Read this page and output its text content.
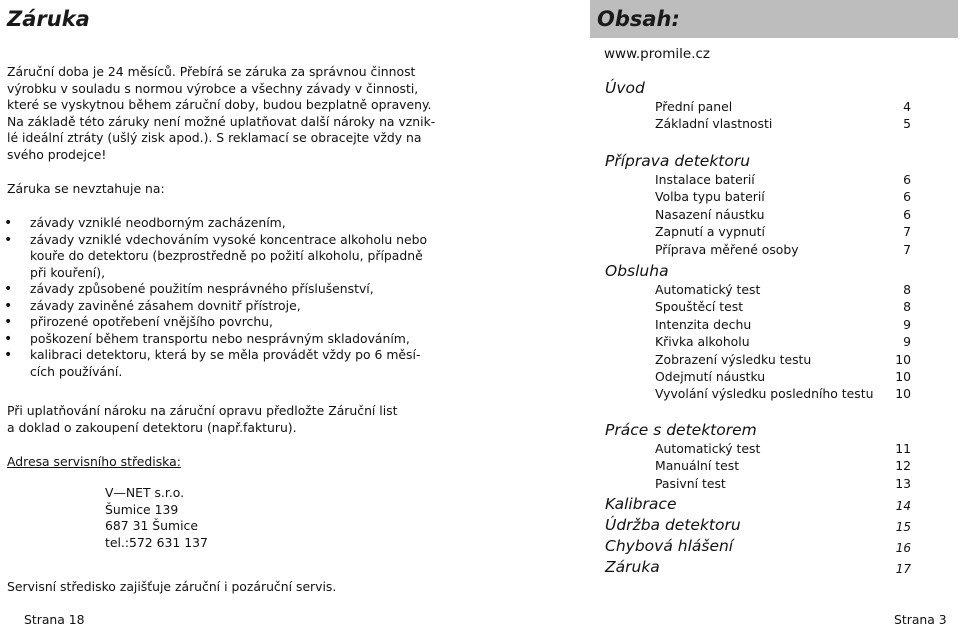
Záruka
Záruční doba je 24 měsíců. Přebírá se záruka za správnou činnost
výrobku v souladu s normou výrobce a všechny závady v činnosti,
které se vyskytnou během záruční doby, budou bezplatně opraveny.
Na základě této záruky není možné uplatňovat další nároky na vznik-
lé ideální ztráty (ušlý zisk apod.). S reklamací se obracejte vždy na
svého prodejce!
Záruka se nevztahuje na:
• závady vzniklé neodborným zacházením,
• závady vzniklé vdechováním vysoké koncentrace alkoholu nebo
kouře do detektoru (bezprostředně po požití alkoholu, případně
při kouření),
• závady způsobené použitím nesprávného příslušenství,
• závady zaviněné zásahem dovnitř přístroje,
• přirozené opotřebení vnějšího povrchu,
• poškození během transportu nebo nesprávným skladováním,
• kalibraci detektoru, která by se měla provádět vždy po 6 měsí-
cích používání.
Při uplatňování nároku na záruční opravu předložte Záruční list
a doklad o zakoupení detektoru (např.fakturu).
Adresa servisního střediska:
V—NET s.r.o.
Šumice 139
687 31 Šumice
tel.:572 631 137
Servisní středisko zajišťuje záruční i pozáruční servis.
Strana 18
Obsah:
www.promile.cz
Úvod
Přední panel	4
Základní vlastnosti	5
Příprava detektoru
Instalace baterií	6
Volba typu baterií	6
Nasazení náustku	6
Zapnutí a vypnutí	7
Příprava měřené osoby	7
Obsluha
Automatický test	8
Spouštěcí test	8
Intenzita dechu	9
Křivka alkoholu	9
Zobrazení výsledku testu	10
Odejmutí náustku	10
Vyvolání výsledku posledního testu	10
Práce s detektorem
Automatický test	11
Manuální test	12
Pasivní test	13
Kalibrace	14
Údržba detektoru	15
Chybová hlášení	16
Záruka	17
Strana 3
